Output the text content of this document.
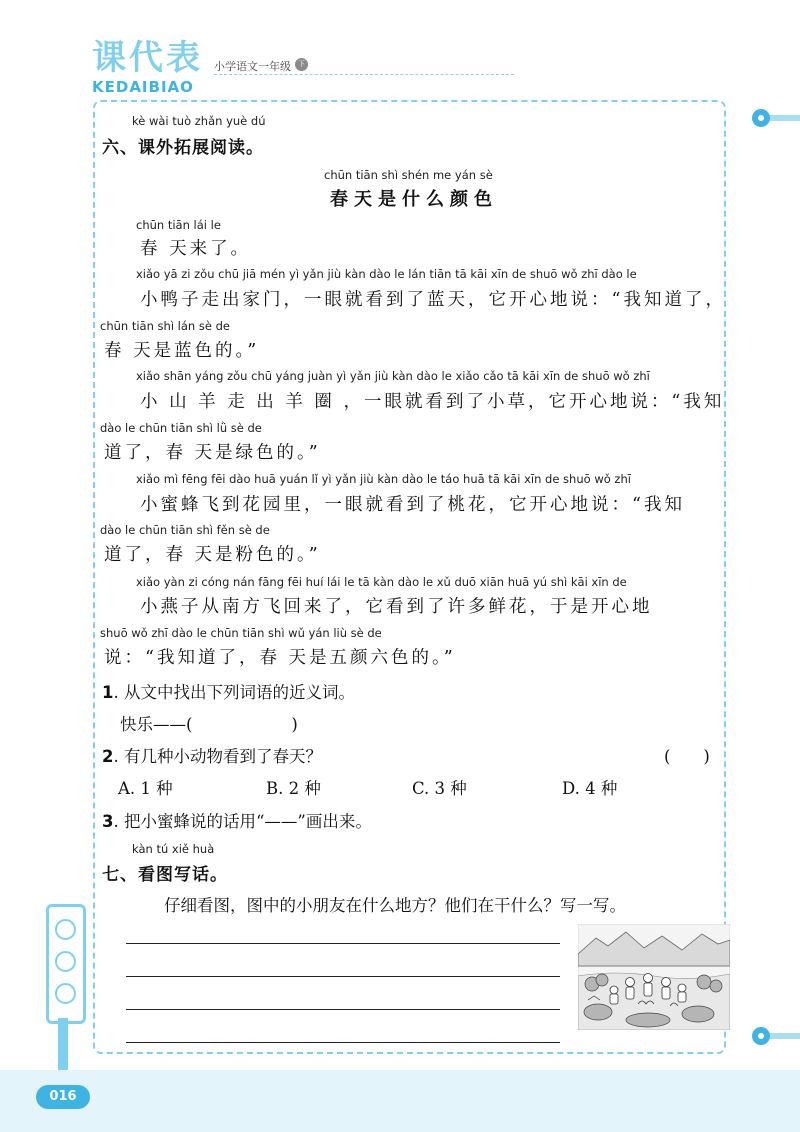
课代表
KEDAIBIAO
小学语文一年级	下册
kè wài tuò zhǎn yuè dú
六、课外拓展阅读。
chūn tiān shì shén me yán sè
春天是什么颜色
chūn tiān lái le
春 天来了。
xiǎo yā zi zǒu chū jiā mén yì yǎn jiù kàn dào le lán tiān tā kāi xīn de shuō wǒ zhī dào le
小鸭子走出家门，一眼就看到了蓝天，它开心地说：“我知道了，
chūn tiān shì lán sè de
春 天是蓝色的。”
xiǎo shān yáng zǒu chū yáng juàn yì yǎn jiù kàn dào le xiǎo cǎo tā kāi xīn de shuō wǒ zhī
小 山 羊 走 出 羊 圈 ，一眼就看到了小草，它开心地说：“我知
dào le chūn tiān shì lǜ sè de
道了，春 天是绿色的。”
xiǎo mì fēng fēi dào huā yuán lǐ yì yǎn jiù kàn dào le táo huā tā kāi xīn de shuō wǒ zhī
小蜜蜂飞到花园里，一眼就看到了桃花，它开心地说：“我知
dào le chūn tiān shì fěn sè de
道了，春 天是粉色的。”
xiǎo yàn zi cóng nán fāng fēi huí lái le tā kàn dào le xǔ duō xiān huā yú shì kāi xīn de
小燕子从南方飞回来了，它看到了许多鲜花，于是开心地
shuō wǒ zhī dào le chūn tiān shì wǔ yán liù sè de
说：“我知道了，春 天是五颜六色的。”
1. 从文中找出下列词语的近义词。
快乐——(　　　　　　)
2. 有几种小动物看到了春天？	(　　)
A. 1 种	B. 2 种	C. 3 种	D. 4 种
3. 把小蜜蜂说的话用“——”画出来。
kàn tú xiě huà
七、看图写话。
仔细看图，图中的小朋友在什么地方？他们在干什么？写一写。
016
